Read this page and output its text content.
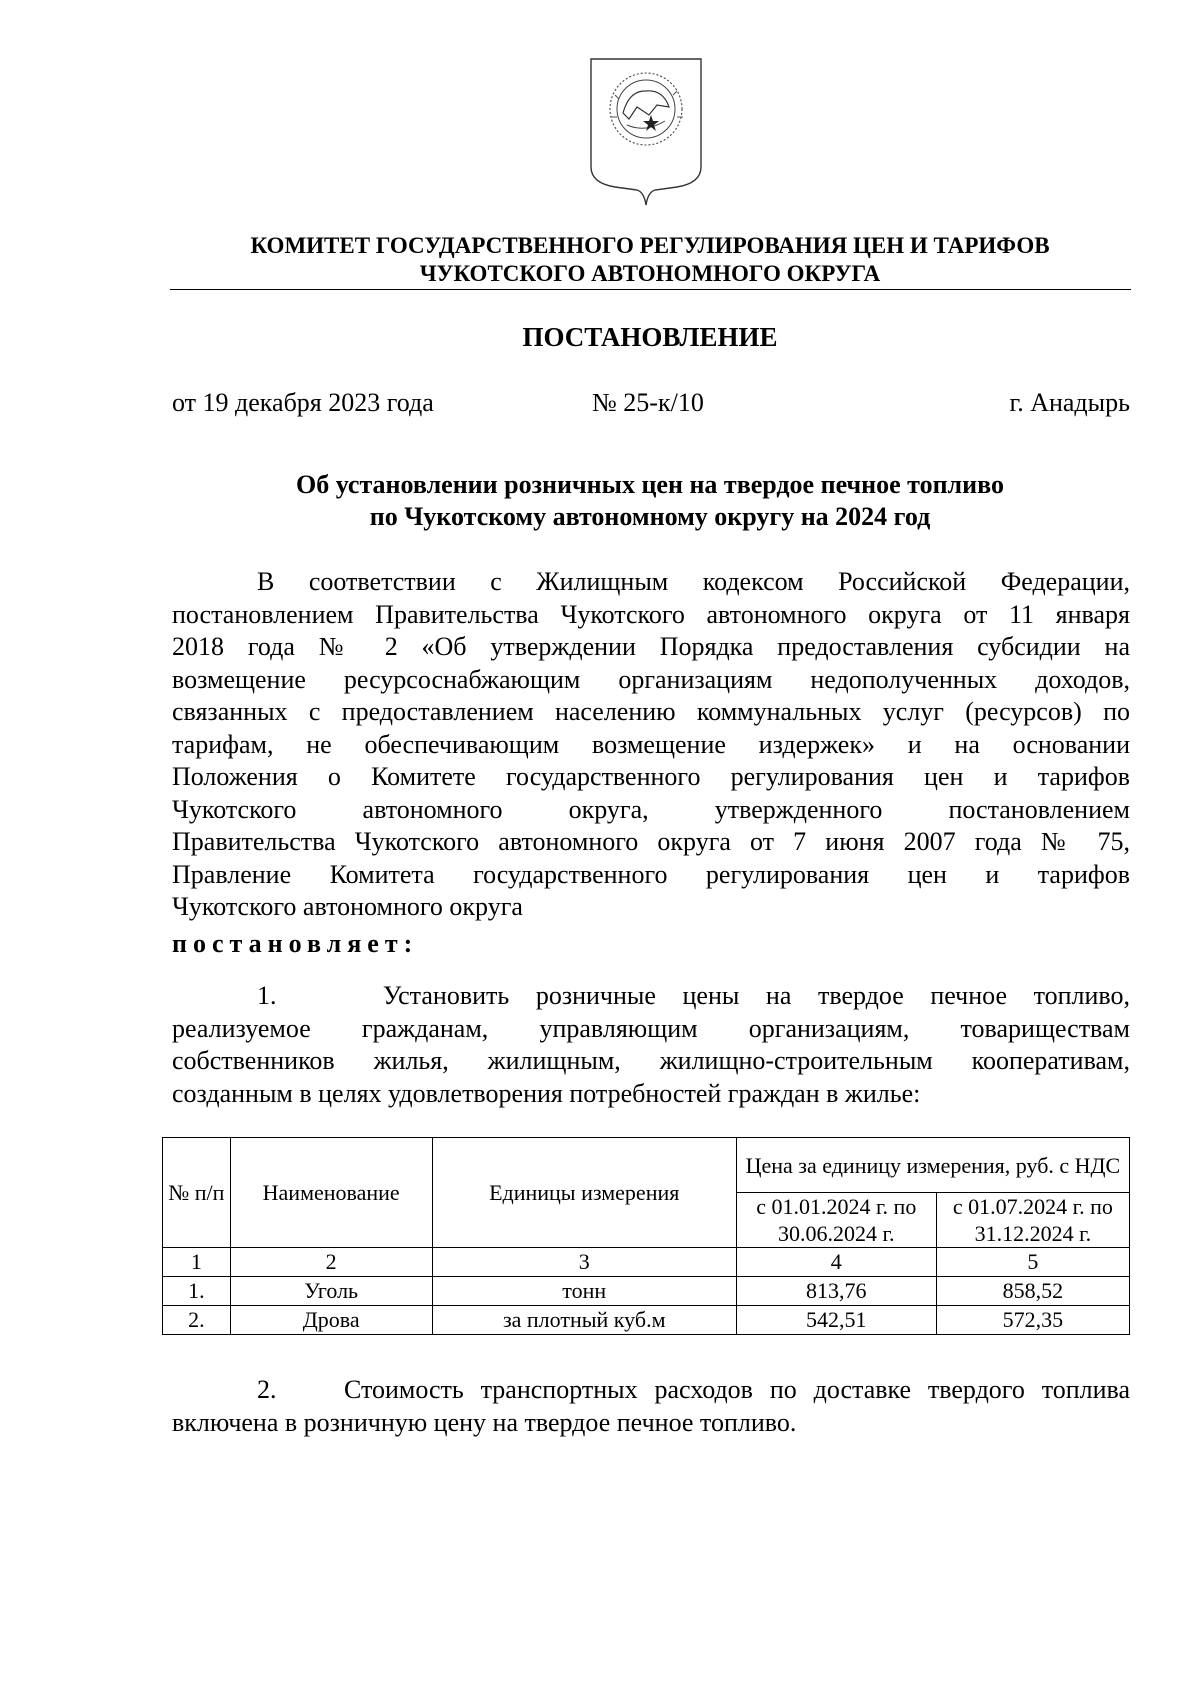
КОМИТЕТ ГОСУДАРСТВЕННОГО РЕГУЛИРОВАНИЯ ЦЕН И ТАРИФОВ
ЧУКОТСКОГО АВТОНОМНОГО ОКРУГА
ПОСТАНОВЛЕНИЕ
от 19 декабря 2023 года	№ 25-к/10	г. Анадырь
Об установлении розничных цен на твердое печное топливо
по Чукотскому автономному округу на 2024 год
В соответствии с Жилищным кодексом Российской Федерации,
постановлением Правительства Чукотского автономного округа от 11 января
2018 года № 2 «Об утверждении Порядка предоставления субсидии на
возмещение ресурсоснабжающим организациям недополученных доходов,
связанных с предоставлением населению коммунальных услуг (ресурсов) по
тарифам, не обеспечивающим возмещение издержек» и на основании
Положения о Комитете государственного регулирования цен и тарифов
Чукотского автономного округа, утвержденного постановлением
Правительства Чукотского автономного округа от 7 июня 2007 года № 75,
Правление Комитета государственного регулирования цен и тарифов
Чукотского автономного округа
постановляет:
1.    Установить розничные цены на твердое печное топливо,
реализуемое гражданам, управляющим организациям, товариществам
собственников жилья, жилищным, жилищно-строительным кооперативам,
созданным в целях удовлетворения потребностей граждан в жилье:
№ п/п	Наименование	Единицы измерения	Цена за единицу измерения, руб. с НДС	
			с 01.01.2024 г. по 30.06.2024 г.	с 01.07.2024 г. по 31.12.2024 г.
1	2	3	4	5
1.	Уголь	тонн	813,76	858,52
2.	Дрова	за плотный куб.м	542,51	572,35
2.    Стоимость транспортных расходов по доставке твердого топлива
включена в розничную цену на твердое печное топливо.
